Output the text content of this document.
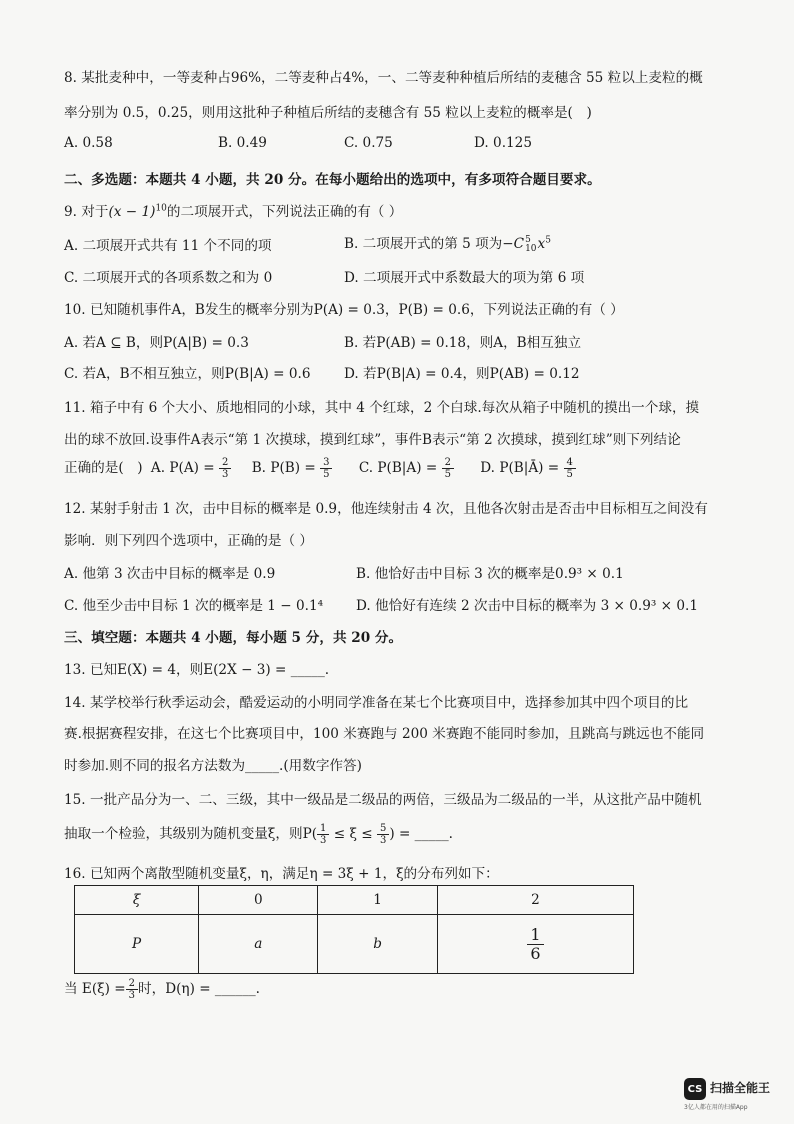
8. 某批麦种中，一等麦种占96%，二等麦种占4%，一、二等麦种种植后所结的麦穗含 55 粒以上麦粒的概
率分别为 0.5，0.25，则用这批种子种植后所结的麦穗含有 55 粒以上麦粒的概率是(　)
A. 0.58	B. 0.49	C. 0.75	D. 0.125
二、多选题：本题共 4 小题，共 20 分。在每小题给出的选项中，有多项符合题目要求。
9. 对于$(x - 1)^{10}$的二项展开式，下列说法正确的有（ ）
A. 二项展开式共有 11 个不同的项	B. 二项展开式的第 5 项为−C 5
10 $x^5$
C. 二项展开式的各项系数之和为 0	D. 二项展开式中系数最大的项为第 6 项
10. 已知随机事件A，B发生的概率分别为P(A) = 0.3，P(B) = 0.6，下列说法正确的有（ ）
A. 若A ⊆ B，则P(A|B) = 0.3	B. 若P(AB) = 0.18，则A，B相互独立
C. 若A，B不相互独立，则P(B|A) = 0.6 D. 若P(B|A) = 0.4，则P(AB) = 0.12
11. 箱子中有 6 个大小、质地相同的小球，其中 4 个红球，2 个白球.每次从箱子中随机的摸出一个球，摸
出的球不放回.设事件A表示“第 1 次摸球，摸到红球”，事件B表示“第 2 次摸球，摸到红球”则下列结论
正确的是(　) A. $P(A) = \frac{2}{3} B$. $P(B) = \frac{3}{5} C$. $P(B|A) = \frac{2}{5} D$. P(B|Ā) = $\frac{4}{5}$
12. 某射手射击 1 次，击中目标的概率是 0.9，他连续射击 4 次，且他各次射击是否击中目标相互之间没有
影响．则下列四个选项中，正确的是（ ）
A. 他第 3 次击中目标的概率是 0.9	B. 他恰好击中目标 3 次的概率是0.9³ × 0.1
C. 他至少击中目标 1 次的概率是 1 − 0.1⁴ D. 他恰好有连续 2 次击中目标的概率为 3 × 0.9³ × 0.1
三、填空题：本题共 4 小题，每小题 5 分，共 20 分。
13. 已知E(X) = 4，则E(2X − 3) = _____.
14. 某学校举行秋季运动会，酷爱运动的小明同学准备在某七个比赛项目中，选择参加其中四个项目的比
赛.根据赛程安排，在这七个比赛项目中，100 米赛跑与 200 米赛跑不能同时参加，且跳高与跳远也不能同
时参加.则不同的报名方法数为_____.(用数字作答)
15. 一批产品分为一、二、三级，其中一级品是二级品的两倍，三级品为二级品的一半，从这批产品中随机
抽取一个检验，其级别为随机变量ξ，则$P( \frac{1}{3} \le \xi \le \frac{5}{3}$ ) = _____.
16. 已知两个离散型随机变量ξ，η，满足η = 3ξ + 1，ξ的分布列如下：
ξ	0	1	2
P	a	b	$\frac{1}{6}$
当 $E(\xi) = \frac{2}{3}$ 时，D(η) = ______.
CS 扫描全能王
3亿人都在用的扫描App
